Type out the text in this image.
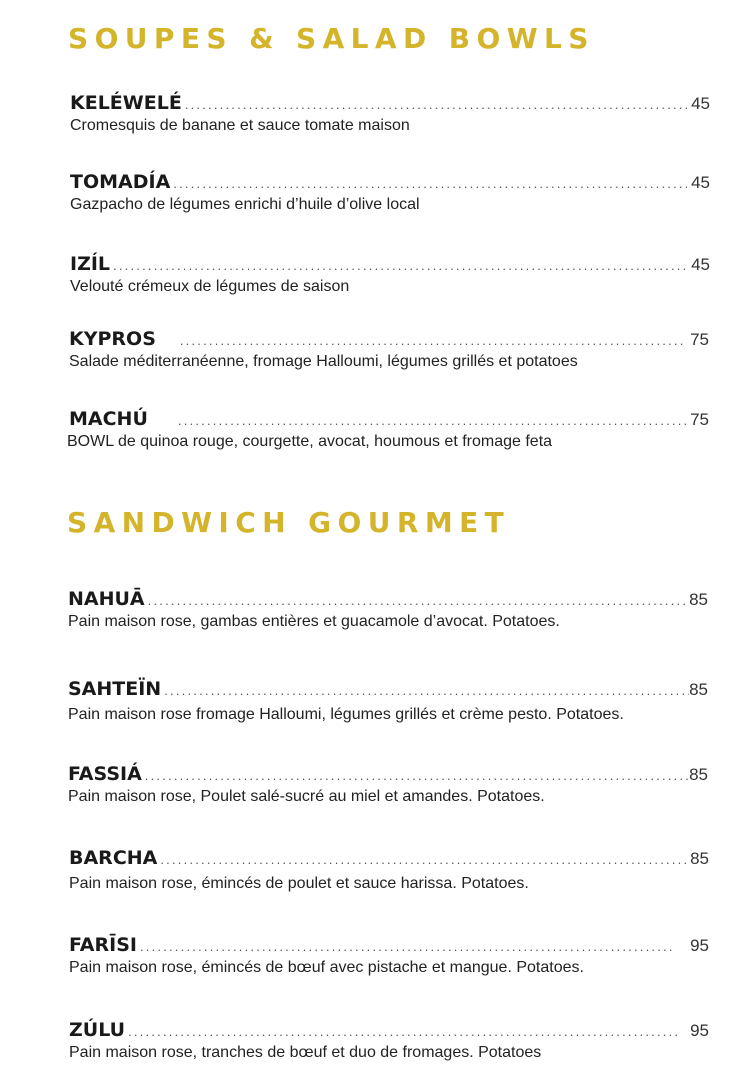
SOUPES & SALAD BOWLS
KELÉWELÉ .....	45
Cromesquis de banane et sauce tomate maison
TOMADÍA .....	45
Gazpacho de légumes enrichi d’huile d’olive local
IZÍL .....	45
Velouté crémeux de légumes de saison
KYPROS .....	75
Salade méditerranéenne, fromage Halloumi, légumes grillés et potatoes
MACHÚ .....	75
BOWL de quinoa rouge, courgette, avocat, houmous et fromage feta
SANDWICH GOURMET
NAHUĀ .....	85
Pain maison rose, gambas entières et guacamole d’avocat. Potatoes.
SAHTEÏN .....	85
Pain maison rose fromage Halloumi, légumes grillés et crème pesto. Potatoes.
FASSIÁ .....	85
Pain maison rose, Poulet salé-sucré au miel et amandes. Potatoes.
BARCHA .....	85
Pain maison rose, émincés de poulet et sauce harissa. Potatoes.
FARĪSI .....	95
Pain maison rose, émincés de bœuf avec pistache et mangue. Potatoes.
ZÚLU .....	95
Pain maison rose, tranches de bœuf et duo de fromages. Potatoes
